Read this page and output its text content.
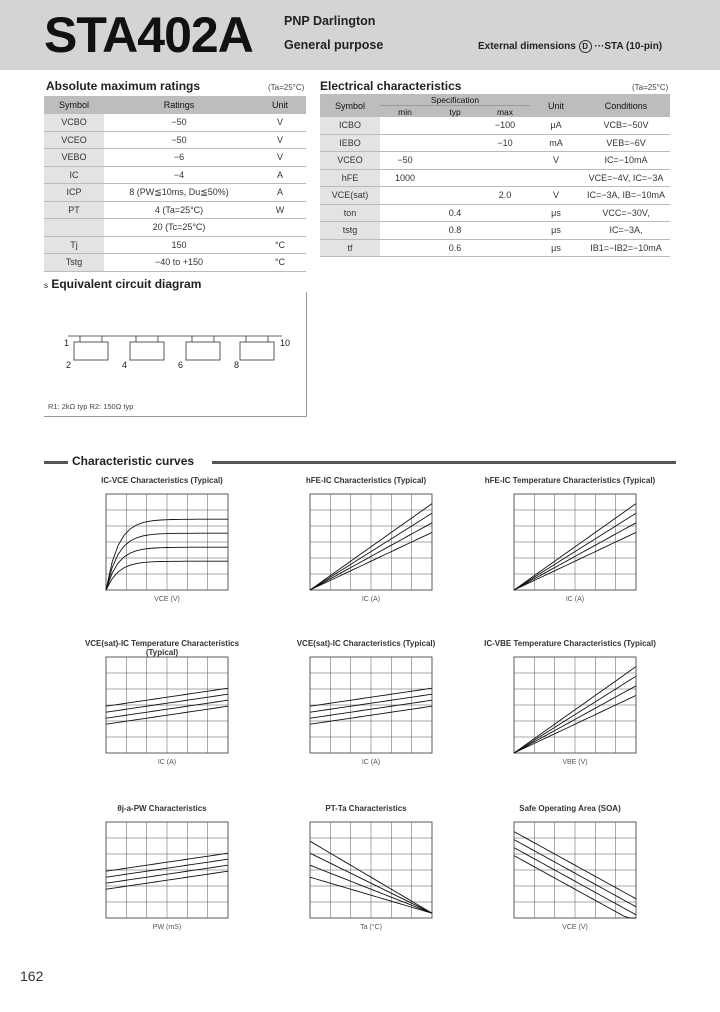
STA402A PNP Darlington
General purpose	External dimensions D ···STA (10-pin)
Absolute maximum ratings	(Ta=25°C)
Symbol	Ratings	Unit
VCBO	−50	V
VCEO	−50	V
VEBO	−6	V
IC	−4	A
ICP	8 (PW≦10ms, Du≦50%)	A
PT	4 (Ta=25°C)	W
	20 (Tc=25°C)	
Tj	150	°C
Tstg	−40 to +150	°C
Electrical characteristics	(Ta=25°C)
Symbol	Specification			Unit	Conditions
	min	typ	max		
ICBO			−100	μA	VCB=−50V
IEBO			−10	mA	VEB=−6V
VCEO	−50			V	IC=−10mA
hFE	1000				VCE=−4V, IC=−3A
VCE(sat)			2.0	V	IC=−3A, IB=−10mA
ton		0.4		μs	VCC=−30V,
tstg		0.8		μs	IC=−3A,
tf		0.6		μs	IB1=−IB2=−10mA
s Equivalent circuit diagram
1	10
2	4	6	8
R1: 2kΩ typ R2: 150Ω typ
Characteristic curves
IC-VCE Characteristics (Typical)
VCE (V)
hFE-IC Characteristics (Typical)
IC (A)
hFE-IC Temperature Characteristics (Typical)
IC (A)
VCE(sat)-IC Temperature Characteristics (Typical)
IC (A)
VCE(sat)-IC Characteristics (Typical)
IC (A)
IC-VBE Temperature Characteristics (Typical)
VBE (V)
θj-a-PW Characteristics
PW (mS)
PT-Ta Characteristics
Ta (°C)
Safe Operating Area (SOA)
VCE (V)
162
